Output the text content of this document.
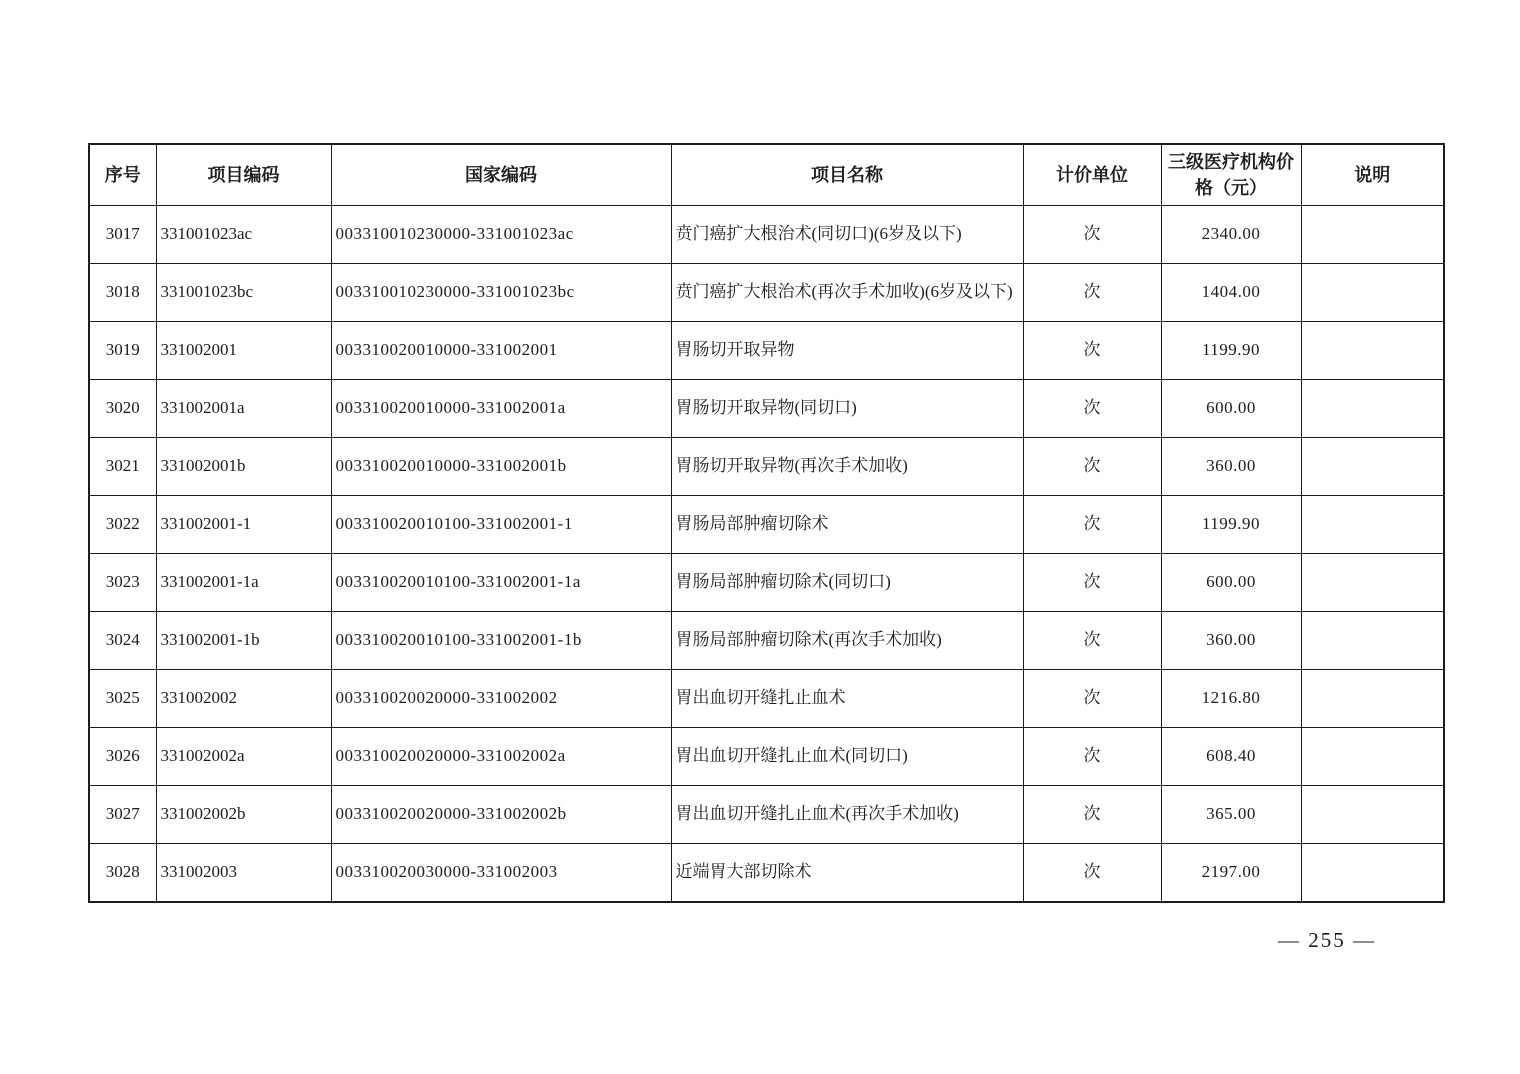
序号	项目编码	国家编码	项目名称	计价单位	三级医疗机构价格（元）	说明
3017	331001023ac	003310010230000-331001023ac	贲门癌扩大根治术(同切口)(6岁及以下)	次	2340.00	
3018	331001023bc	003310010230000-331001023bc	贲门癌扩大根治术(再次手术加收)(6岁及以下)	次	1404.00	
3019	331002001	003310020010000-331002001	胃肠切开取异物	次	1199.90	
3020	331002001a	003310020010000-331002001a	胃肠切开取异物(同切口)	次	600.00	
3021	331002001b	003310020010000-331002001b	胃肠切开取异物(再次手术加收)	次	360.00	
3022	331002001-1	003310020010100-331002001-1	胃肠局部肿瘤切除术	次	1199.90	
3023	331002001-1a	003310020010100-331002001-1a	胃肠局部肿瘤切除术(同切口)	次	600.00	
3024	331002001-1b	003310020010100-331002001-1b	胃肠局部肿瘤切除术(再次手术加收)	次	360.00	
3025	331002002	003310020020000-331002002	胃出血切开缝扎止血术	次	1216.80	
3026	331002002a	003310020020000-331002002a	胃出血切开缝扎止血术(同切口)	次	608.40	
3027	331002002b	003310020020000-331002002b	胃出血切开缝扎止血术(再次手术加收)	次	365.00	
3028	331002003	003310020030000-331002003	近端胃大部切除术	次	2197.00	
— 255 —
